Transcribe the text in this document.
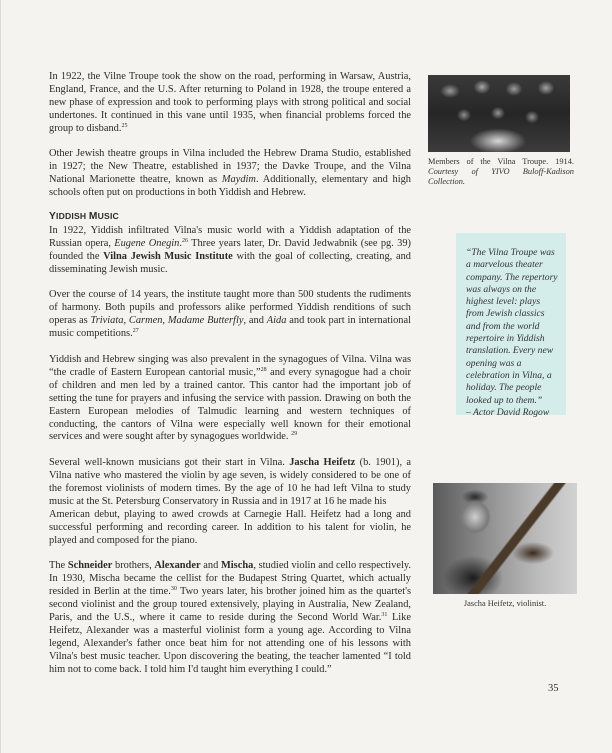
In 1922, the Vilne Troupe took the show on the road, performing in Warsaw, Austria, England, France, and the U.S. After returning to Poland in 1928, the troupe entered a new phase of expression and took to performing plays with strong political and social undertones. It continued in this vane until 1935, when financial problems forced the group to disband.$^{25}$

Other Jewish theatre groups in Vilna included the Hebrew Drama Studio, established in 1927; the New Theatre, established in 1937; the Davke Troupe, and the Vilna National Marionette theatre, known as Maydim. Additionally, elementary and high schools often put on productions in both Yiddish and Hebrew.

YIDDISH MUSIC

In 1922, Yiddish infiltrated Vilna's music world with a Yiddish adaptation of the Russian opera, Eugene Onegin.$^{26}$ Three years later, Dr. David Jedwabnik (see pg. 39) founded the Vilna Jewish Music Institute with the goal of collecting, creating, and disseminating Jewish music.

Over the course of 14 years, the institute taught more than 500 students the rudiments of harmony. Both pupils and professors alike performed Yiddish renditions of such operas as Triviata, Carmen, Madame Butterfly, and Aida and took part in international music competitions.$^{27}$

Yiddish and Hebrew singing was also prevalent in the synagogues of Vilna. Vilna was “the cradle of Eastern European cantorial music,”$^{28}$ and every synagogue had a choir of children and men led by a trained cantor. This cantor had the important job of setting the tune for prayers and infusing the service with passion. Drawing on both the Eastern European melodies of Talmudic learning and western techniques of conducting, the cantors of Vilna were especially well known for their emotional services and were sought after by synagogues worldwide. $^{29}$

Several well-known musicians got their start in Vilna. Jascha Heifetz (b. 1901), a Vilna native who mastered the violin by age seven, is widely considered to be one of the foremost violinists of modern times. By the age of 10 he had left Vilna to study music at the St. Petersburg Conservatory in Russia and in 1917 at 16 he made his

American debut, playing to awed crowds at Carnegie Hall. Heifetz had a long and successful performing and recording career. In addition to his talent for violin, he played and composed for the piano.

The Schneider brothers, Alexander and Mischa, studied violin and cello respectively. In 1930, Mischa became the cellist for the Budapest String Quartet, which actually resided in Berlin at the time.$^{30}$ Two years later, his brother joined him as the quartet's second violinist and the group toured extensively, playing in Australia, New Zealand, Paris, and the U.S., where it came to reside during the Second World War.$^{31}$ Like Heifetz, Alexander was a masterful violinist form a young age. According to Vilna legend, Alexander's father once beat him for not attending one of his lessons with Vilna's best music teacher. Upon discovering the beating, the teacher lamented “I told him not to come back. I told him I'd taught him everything I could.”

Members of the Vilna Troupe. 1914. Courtesy of YIVO Buloff-Kadison Collection.
“The Vilna Troupe was a marvelous theater company. The repertory was always on the highest level: plays from Jewish classics and from the world repertoire in Yiddish translation. Every new opening was a celebration in Vilna, a holiday. The people looked up to them.”
– Actor David Rogow
Jascha Heifetz, violinist.
35
